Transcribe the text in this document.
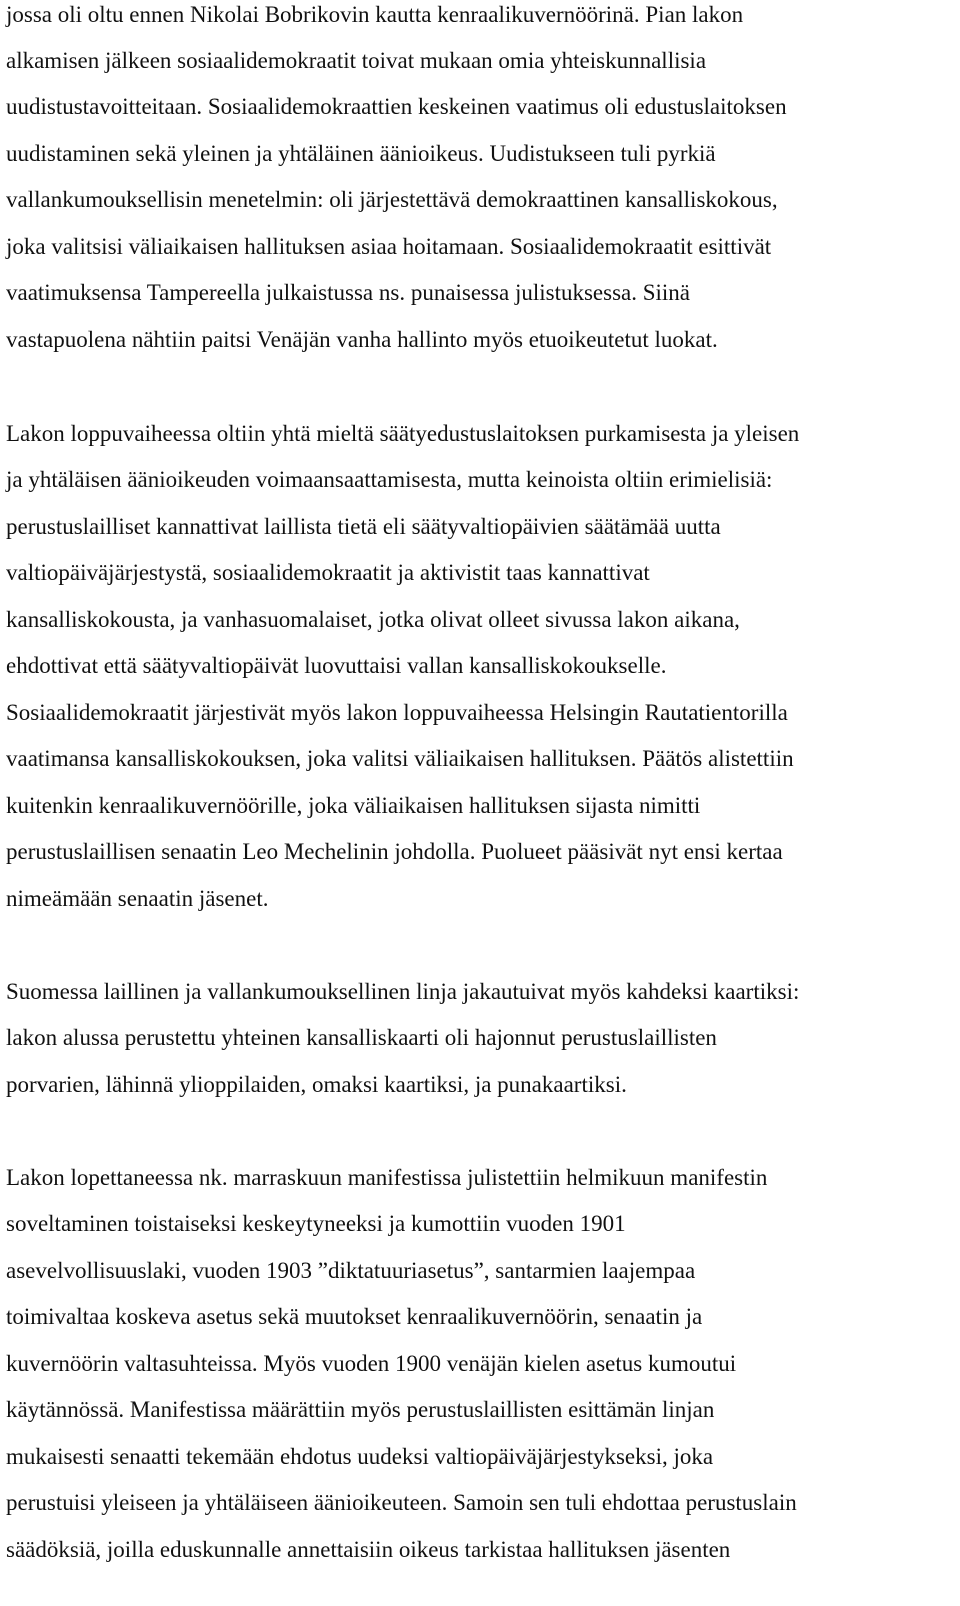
jossa oli oltu ennen Nikolai Bobrikovin kautta kenraalikuvernöörinä. Pian lakon
alkamisen jälkeen sosiaalidemokraatit toivat mukaan omia yhteiskunnallisia
uudistustavoitteitaan. Sosiaalidemokraattien keskeinen vaatimus oli edustuslaitoksen
uudistaminen sekä yleinen ja yhtäläinen äänioikeus. Uudistukseen tuli pyrkiä
vallankumouksellisin menetelmin: oli järjestettävä demokraattinen kansalliskokous,
joka valitsisi väliaikaisen hallituksen asiaa hoitamaan. Sosiaalidemokraatit esittivät
vaatimuksensa Tampereella julkaistussa ns. punaisessa julistuksessa. Siinä
vastapuolena nähtiin paitsi Venäjän vanha hallinto myös etuoikeutetut luokat.
Lakon loppuvaiheessa oltiin yhtä mieltä säätyedustuslaitoksen purkamisesta ja yleisen
ja yhtäläisen äänioikeuden voimaansaattamisesta, mutta keinoista oltiin erimielisiä:
perustuslailliset kannattivat laillista tietä eli säätyvaltiopäivien säätämää uutta
valtiopäiväjärjestystä, sosiaalidemokraatit ja aktivistit taas kannattivat
kansalliskokousta, ja vanhasuomalaiset, jotka olivat olleet sivussa lakon aikana,
ehdottivat että säätyvaltiopäivät luovuttaisi vallan kansalliskokoukselle.
Sosiaalidemokraatit järjestivät myös lakon loppuvaiheessa Helsingin Rautatientorilla
vaatimansa kansalliskokouksen, joka valitsi väliaikaisen hallituksen. Päätös alistettiin
kuitenkin kenraalikuvernöörille, joka väliaikaisen hallituksen sijasta nimitti
perustuslaillisen senaatin Leo Mechelinin johdolla. Puolueet pääsivät nyt ensi kertaa
nimeämään senaatin jäsenet.
Suomessa laillinen ja vallankumouksellinen linja jakautuivat myös kahdeksi kaartiksi:
lakon alussa perustettu yhteinen kansalliskaarti oli hajonnut perustuslaillisten
porvarien, lähinnä ylioppilaiden, omaksi kaartiksi, ja punakaartiksi.
Lakon lopettaneessa nk. marraskuun manifestissa julistettiin helmikuun manifestin
soveltaminen toistaiseksi keskeytyneeksi ja kumottiin vuoden 1901
asevelvollisuuslaki, vuoden 1903 ”diktatuuriasetus”, santarmien laajempaa
toimivaltaa koskeva asetus sekä muutokset kenraalikuvernöörin, senaatin ja
kuvernöörin valtasuhteissa. Myös vuoden 1900 venäjän kielen asetus kumoutui
käytännössä. Manifestissa määrättiin myös perustuslaillisten esittämän linjan
mukaisesti senaatti tekemään ehdotus uudeksi valtiopäiväjärjestykseksi, joka
perustuisi yleiseen ja yhtäläiseen äänioikeuteen. Samoin sen tuli ehdottaa perustuslain
säädöksiä, joilla eduskunnalle annettaisiin oikeus tarkistaa hallituksen jäsenten
